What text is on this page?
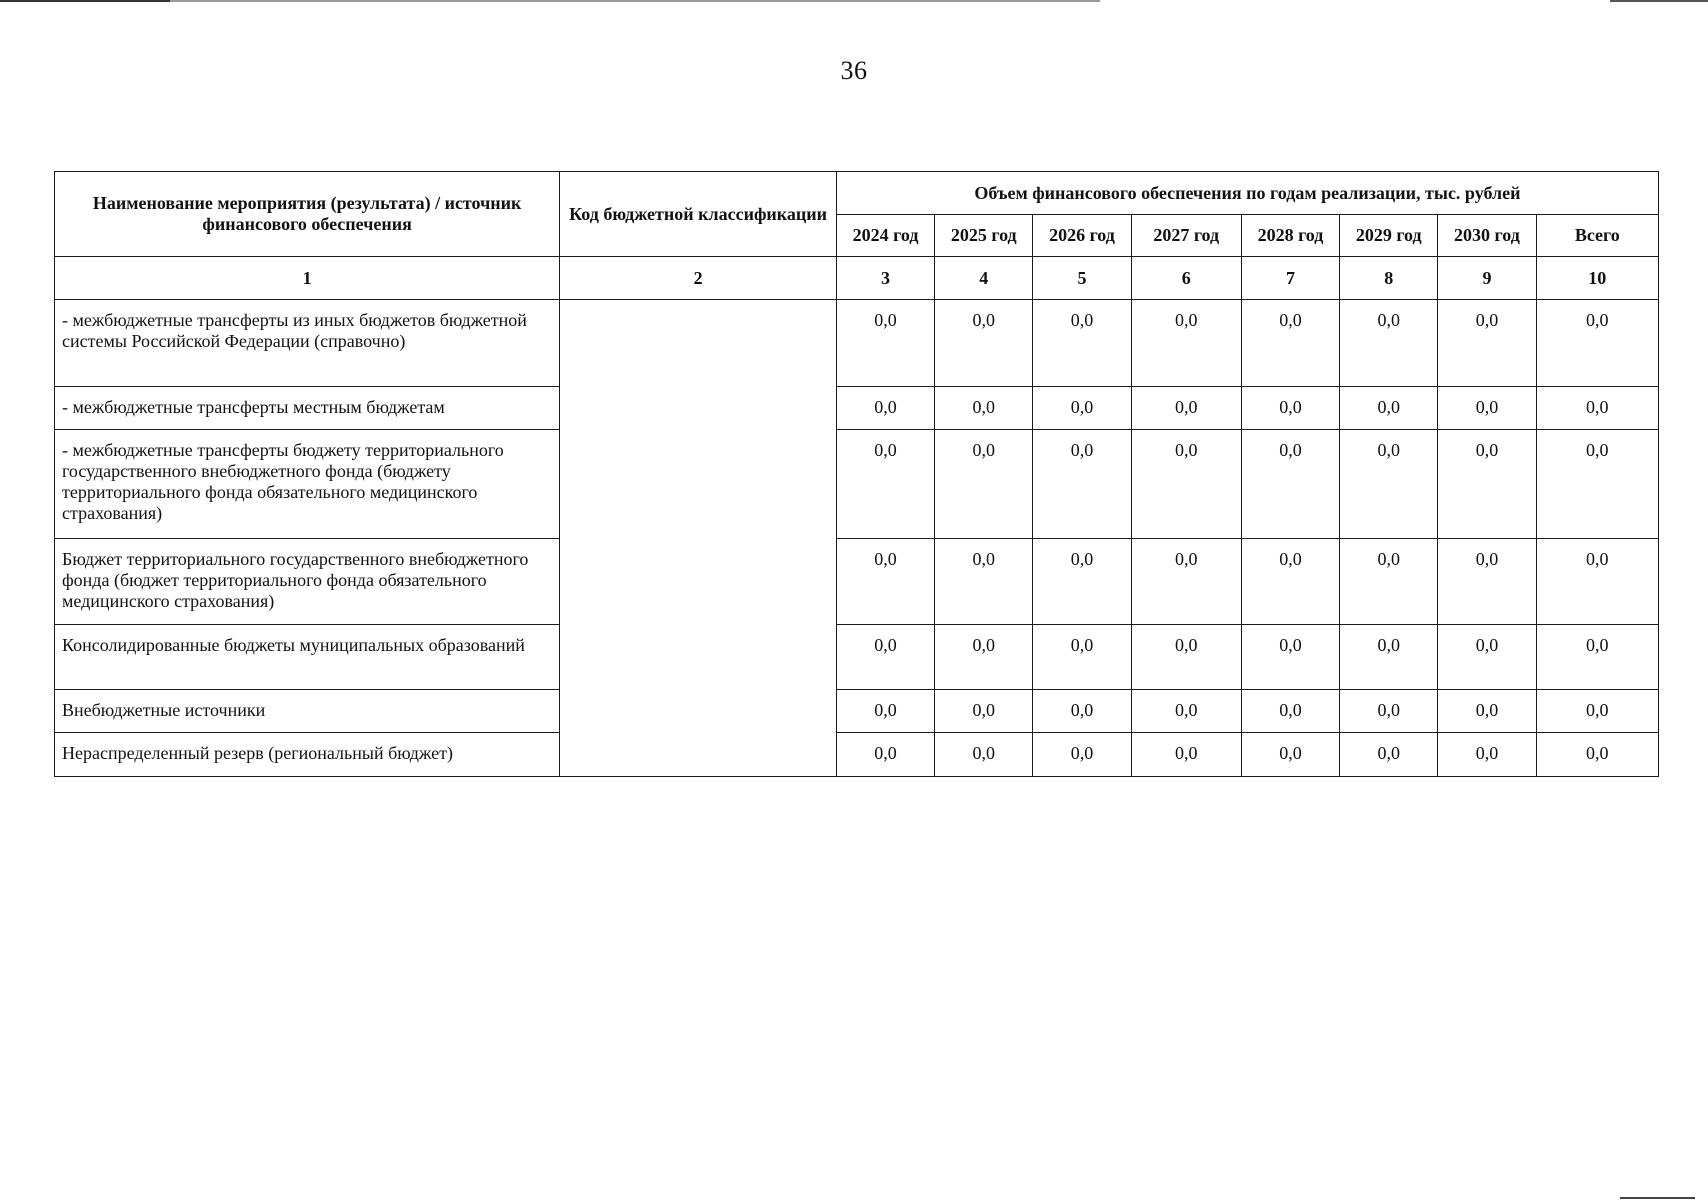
36
Наименование мероприятия (результата) / источник финансового обеспечения	Код бюджетной классификации	Объем финансового обеспечения по годам реализации, тыс. рублей							
		2024 год	2025 год	2026 год	2027 год	2028 год	2029 год	2030 год	Всего
1	2	3	4	5	6	7	8	9	10
- межбюджетные трансферты из иных бюджетов бюджетной системы Российской Федерации (справочно)		0,0	0,0	0,0	0,0	0,0	0,0	0,0	0,0
- межбюджетные трансферты местным бюджетам		0,0	0,0	0,0	0,0	0,0	0,0	0,0	0,0
- межбюджетные трансферты бюджету территориального государственного внебюджетного фонда (бюджету территориального фонда обязательного медицинского страхования)		0,0	0,0	0,0	0,0	0,0	0,0	0,0	0,0
Бюджет территориального государственного внебюджетного фонда (бюджет территориального фонда обязательного медицинского страхования)		0,0	0,0	0,0	0,0	0,0	0,0	0,0	0,0
Консолидированные бюджеты муниципальных образований		0,0	0,0	0,0	0,0	0,0	0,0	0,0	0,0
Внебюджетные источники		0,0	0,0	0,0	0,0	0,0	0,0	0,0	0,0
Нераспределенный резерв (региональный бюджет)		0,0	0,0	0,0	0,0	0,0	0,0	0,0	0,0
